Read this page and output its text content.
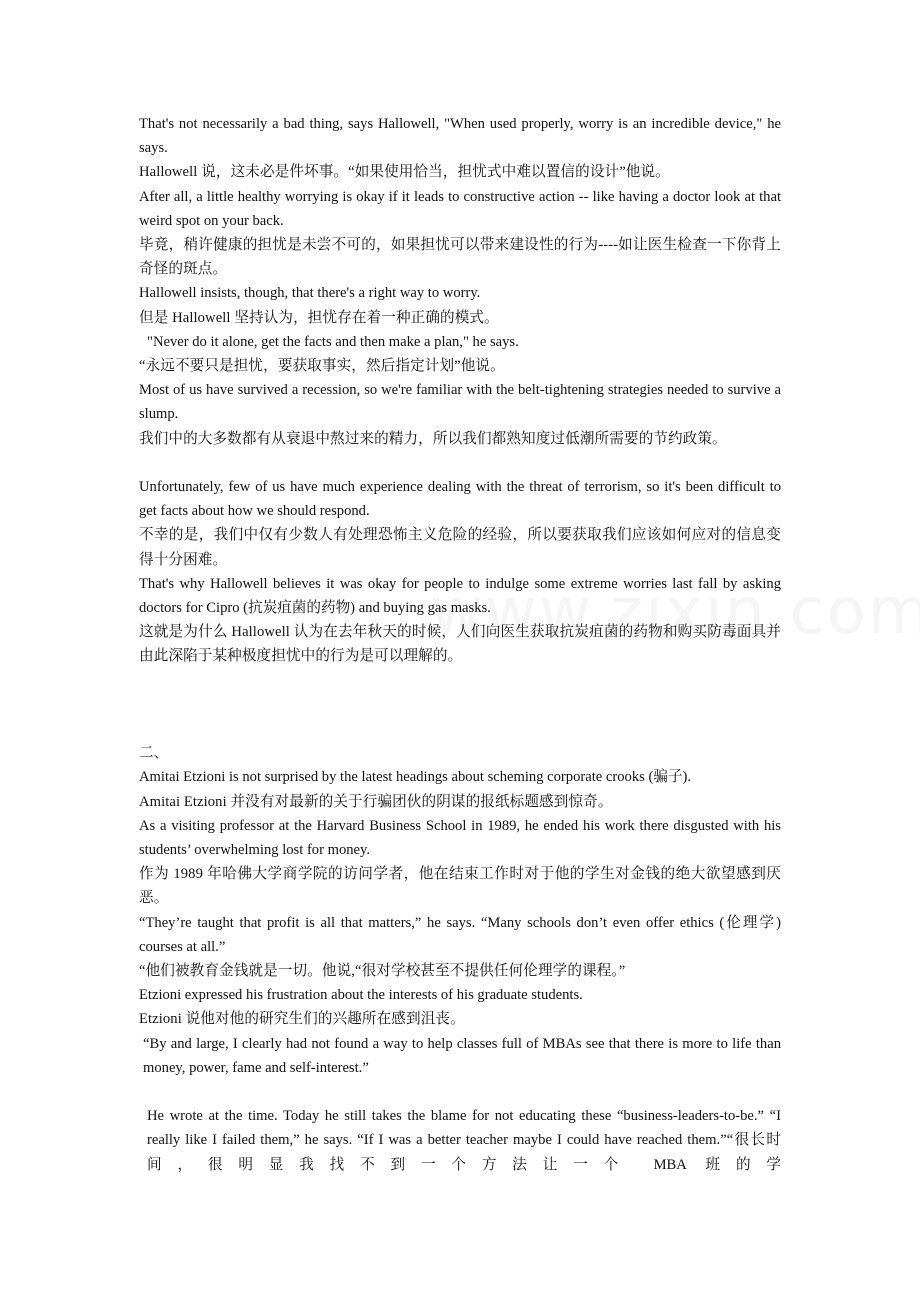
That's not necessarily a bad thing, says Hallowell, "When used properly, worry is an incredible device," he says.

Hallowell 说，这未必是件坏事。“如果使用恰当，担忧式中难以置信的设计”他说。

After all, a little healthy worrying is okay if it leads to constructive action -- like having a doctor look at that weird spot on your back.

毕竟，稍许健康的担忧是未尝不可的，如果担忧可以带来建设性的行为----如让医生检查一下你背上奇怪的斑点。

Hallowell insists, though, that there's a right way to worry.

但是 Hallowell 坚持认为，担忧存在着一种正确的模式。

"Never do it alone, get the facts and then make a plan," he says.

“永远不要只是担忧，要获取事实，然后指定计划”他说。

Most of us have survived a recession, so we're familiar with the belt-tightening strategies needed to survive a slump.

我们中的大多数都有从衰退中熬过来的精力，所以我们都熟知度过低潮所需要的节约政策。

Unfortunately, few of us have much experience dealing with the threat of terrorism, so it's been difficult to get facts about how we should respond.

不幸的是，我们中仅有少数人有处理恐怖主义危险的经验，所以要获取我们应该如何应对的信息变得十分困难。

That's why Hallowell believes it was okay for people to indulge some extreme worries last fall by asking doctors for Cipro (抗炭疽菌的药物) and buying gas masks.

这就是为什么 Hallowell 认为在去年秋天的时候，人们向医生获取抗炭疽菌的药物和购买防毒面具并由此深陷于某种极度担忧中的行为是可以理解的。

二、

Amitai Etzioni is not surprised by the latest headings about scheming corporate crooks (骗子).

Amitai Etzioni 并没有对最新的关于行骗团伙的阴谋的报纸标题感到惊奇。

As a visiting professor at the Harvard Business School in 1989, he ended his work there disgusted with his students’ overwhelming lost for money.

作为 1989 年哈佛大学商学院的访问学者，他在结束工作时对于他的学生对金钱的绝大欲望感到厌恶。

“They’re taught that profit is all that matters,” he says. “Many schools don’t even offer ethics (伦理学) courses at all.”

“他们被教育金钱就是一切。他说,“很对学校甚至不提供任何伦理学的课程。”

Etzioni expressed his frustration about the interests of his graduate students.

Etzioni 说他对他的研究生们的兴趣所在感到沮丧。

“By and large, I clearly had not found a way to help classes full of MBAs see that there is more to life than money, power, fame and self-interest.”

He wrote at the time. Today he still takes the blame for not educating these “business-leaders-to-be.” “I really like I failed them,” he says. “If I was a better teacher maybe I could have reached them.”“很长时间，很明显我找不到一个方法让一个 MBA 班的学
